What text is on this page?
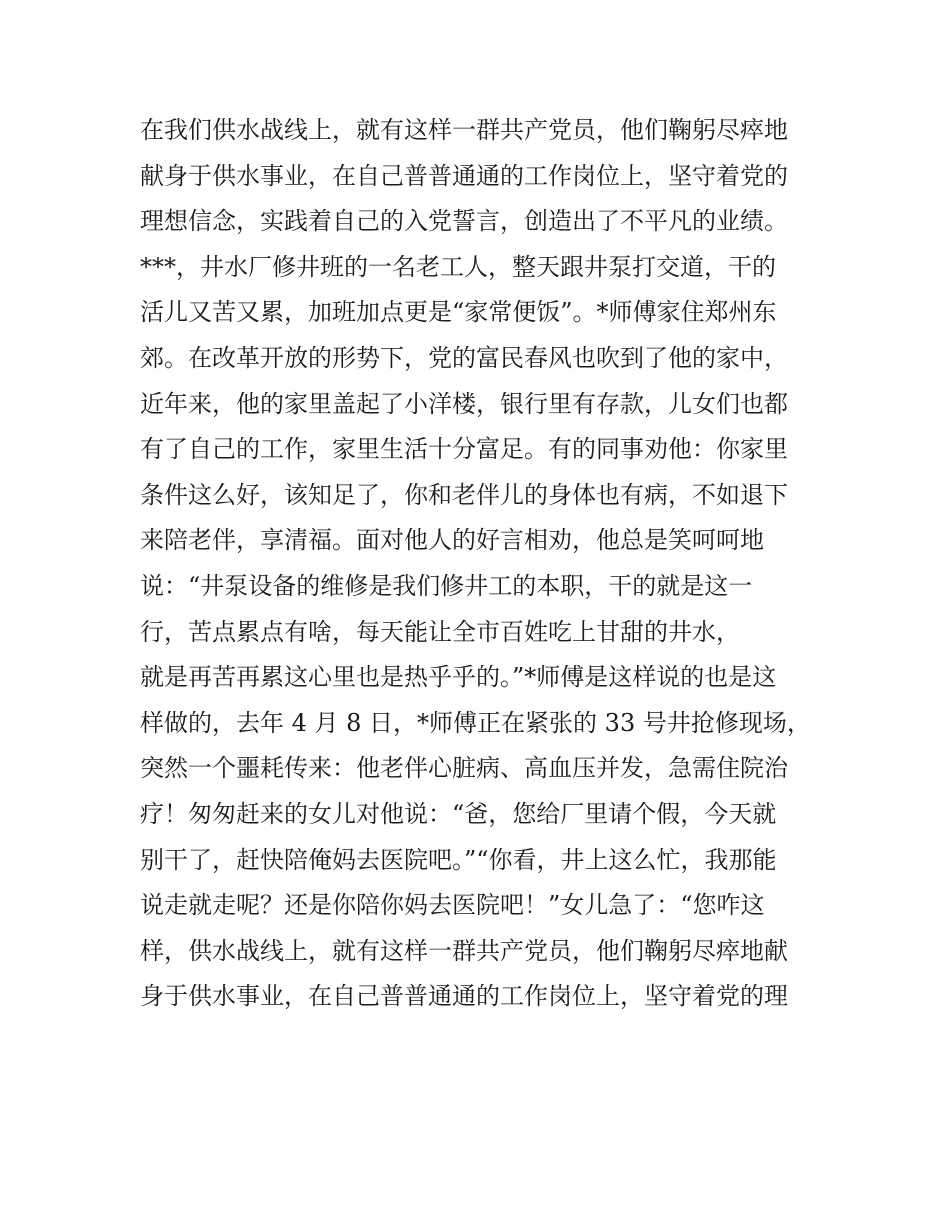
在我们供水战线上，就有这样一群共产党员，他们鞠躬尽瘁地
献身于供水事业，在自己普普通通的工作岗位上，坚守着党的
理想信念，实践着自己的入党誓言，创造出了不平凡的业绩。
***，井水厂修井班的一名老工人，整天跟井泵打交道，干的
活儿又苦又累，加班加点更是“家常便饭”。*师傅家住郑州东
郊。在改革开放的形势下，党的富民春风也吹到了他的家中，
近年来，他的家里盖起了小洋楼，银行里有存款，儿女们也都
有了自己的工作，家里生活十分富足。有的同事劝他：你家里
条件这么好，该知足了，你和老伴儿的身体也有病，不如退下
来陪老伴，享清福。面对他人的好言相劝，他总是笑呵呵地
说：“井泵设备的维修是我们修井工的本职，干的就是这一
行，苦点累点有啥，每天能让全市百姓吃上甘甜的井水，
就是再苦再累这心里也是热乎乎的。”*师傅是这样说的也是这
样做的，去年 4 月 8 日，*师傅正在紧张的 33 号井抢修现场，
突然一个噩耗传来：他老伴心脏病、高血压并发，急需住院治
疗！匆匆赶来的女儿对他说：“爸，您给厂里请个假，今天就
别干了，赶快陪俺妈去医院吧。”“你看，井上这么忙，我那能
说走就走呢？还是你陪你妈去医院吧！”女儿急了：“您咋这
样，供水战线上，就有这样一群共产党员，他们鞠躬尽瘁地献
身于供水事业，在自己普普通通的工作岗位上，坚守着党的理
